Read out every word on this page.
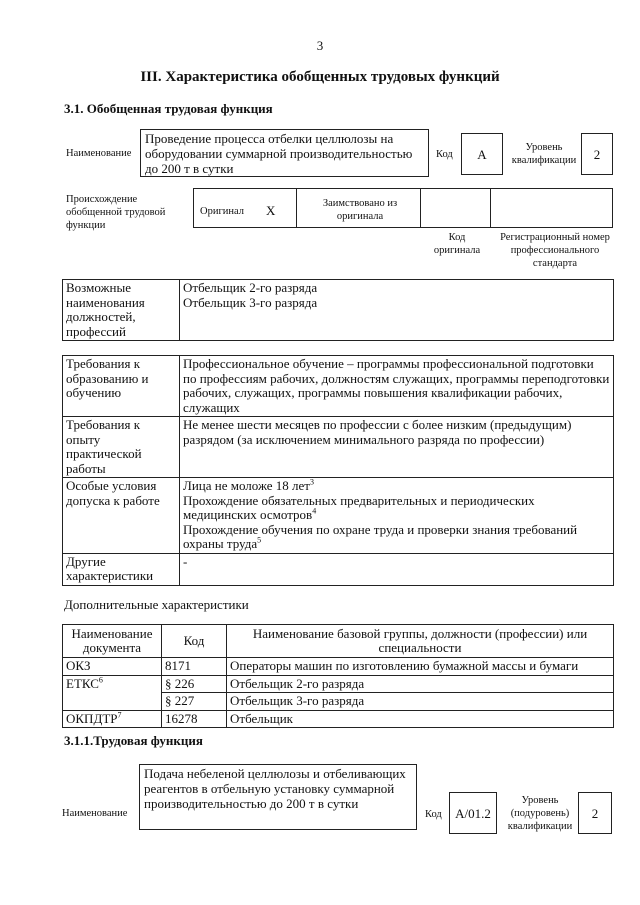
3
III. Характеристика обобщенных трудовых функций
3.1. Обобщенная трудовая функция
Наименование
Проведение процесса отбелки целлюлозы на оборудовании суммарной производительностью до 200 т в сутки
Код	A	Уровень квалификации	2
Происхождение обобщенной трудовой функции
Оригинал X	Заимствовано из оригинала
Код оригинала
Регистрационный номер профессионального стандарта
Возможные наименования должностей, профессий	
Отбельщик 2-го разряда
Отбельщик 3-го разряда
Требования к образованию и обучению	Профессиональное обучение – программы профессиональной подготовки по профессиям рабочих, должностям служащих, программы переподготовки рабочих, служащих, программы повышения квалификации рабочих, служащих
Требования к опыту практической работы	Не менее шести месяцев по профессии с более низким (предыдущим) разрядом (за исключением минимального разряда по профессии)
Особые условия допуска к работе	Лица не моложе 18 лет$^3$
Прохождение обязательных предварительных и периодических медицинских осмотров$^4$
Прохождение обучения по охране труда и проверки знания требований охраны труда$^5$

Другие характеристики	-
Дополнительные характеристики
Наименование документа	Код	Наименование базовой группы, должности (профессии) или специальности
ОКЗ	8171	Операторы машин по изготовлению бумажной массы и бумаги
ЕТКС$^6$	§ 226	Отбельщик 2-го разряда
	§ 227	Отбельщик 3-го разряда
ОКПДТР$^7$	16278	Отбельщик
3.1.1.Трудовая функция
Наименование
Подача небеленой целлюлозы и отбеливающих реагентов в отбельную установку суммарной производительностью до 200 т в сутки
Код	A/01.2
Уровень (подуровень) квалификации
2
